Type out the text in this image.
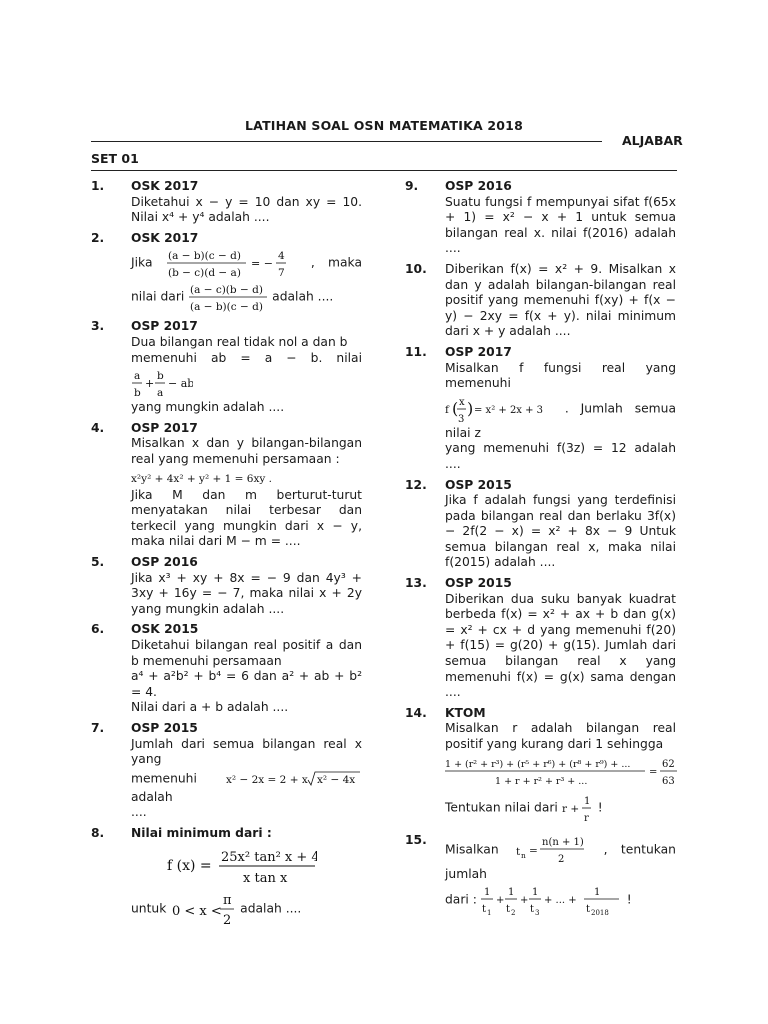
LATIHAN SOAL OSN MATEMATIKA 2018
ALJABAR
SET 01
1. OSK 2017
Diketahui x − y = 10 dan xy = 10. Nilai x⁴ + y⁴ adalah ....
2. OSK 2017
Jika (a − b)(c − d)
(b − c)(d − a)
= −
4
7
, maka nilai dari (a − c)(b − d)
(a − b)(c − d)
adalah ....
3. OSP 2017
Dua bilangan real tidak nol a dan b
memenuhi ab = a − b. nilai
a
b
+
b
a
− ab

yang mungkin adalah ....
4. OSP 2017
Misalkan x dan y bilangan-bilangan real yang memenuhi persamaan :
x²y² + 4x² + y² + 1 = 6xy .
Jika M dan m berturut-turut menyatakan nilai terbesar dan terkecil yang mungkin dari x − y, maka nilai dari M − m = ....
5. OSP 2016
Jika x³ + xy + 8x = − 9 dan 4y³ + 3xy + 16y = − 7, maka nilai x + 2y yang mungkin adalah ....
6. OSK 2015
Diketahui bilangan real positif a dan b memenuhi persamaan
a⁴ + a²b² + b⁴ = 6 dan a² + ab + b² = 4.
Nilai dari a + b adalah ....
7. OSP 2015
Jumlah dari semua bilangan real x yang
memenuhi	x² − 2x = 2 + x x² − 4x
adalah
....
8. Nilai minimum dari :
f (x) =
25x² tan² x + 4
x tan x
untuk 0 < x <
π
2
adalah ....
9. OSP 2016
Suatu fungsi f mempunyai sifat f(65x + 1) = x² − x + 1 untuk semua bilangan real x. nilai f(2016) adalah ....
10. Diberikan f(x) = x² + 9. Misalkan x dan y adalah bilangan-bilangan real positif yang memenuhi f(xy) + f(x − y) − 2xy = f(x + y). nilai minimum dari x + y adalah ....
11. OSP 2017
Misalkan f fungsi real yang memenuhi
f ( x
3
) = x² + 2x + 3 . Jumlah semua nilai z
yang memenuhi f(3z) = 12 adalah ....
12. OSP 2015
Jika f adalah fungsi yang terdefinisi pada bilangan real dan berlaku 3f(x) − 2f(2 − x) = x² + 8x − 9 Untuk semua bilangan real x, maka nilai f(2015) adalah ....
13. OSP 2015
Diberikan dua suku banyak kuadrat berbeda f(x) = x² + ax + b dan g(x) = x² + cx + d yang memenuhi f(20) + f(15) = g(20) + g(15). Jumlah dari semua bilangan real x yang memenuhi f(x) = g(x) sama dengan ....
14. KTOM
Misalkan r adalah bilangan real positif yang kurang dari 1 sehingga
1 + (r² + r³) + (r⁵ + r⁶) + (r⁸ + r⁹) + ...
1 + r + r² + r³ + ...
=
62
63
Tentukan nilai dari r +
1
r
!
15.
Misalkan t n =
n(n + 1)
2
, tentukan jumlah
dari : 1
t 1
+
1
t 2
+
1
t 3
+ ... +
1
t 2018
!
